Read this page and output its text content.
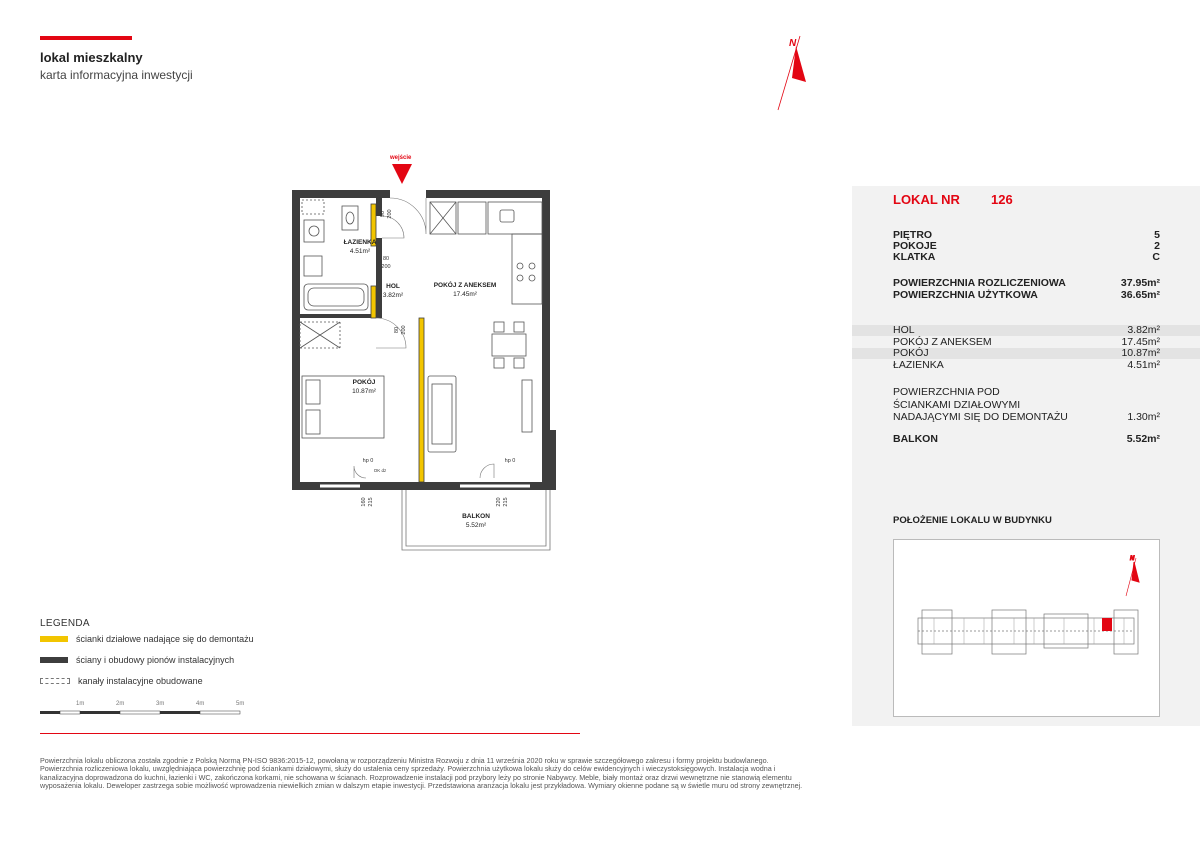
lokal mieszkalny
karta informacyjna inwestycji
N
wejście
ŁAZIENKA
4.51m²
HOL
3.82m²
POKÓJ Z ANEKSEM
17.45m²
POKÓJ
10.87m²
BALKON
5.52m²
90 200
80
200
80 200
160 215	220 215
hp 0	hp 0
OK dz
LOKAL NR 126
PIĘTRO	5
POKOJE	2
KLATKA	C
POWIERZCHNIA ROZLICZENIOWA	37.95m²
POWIERZCHNIA UŻYTKOWA	36.65m²
HOL	3.82m²
POKÓJ Z ANEKSEM	17.45m²
POKÓJ	10.87m²
ŁAZIENKA	4.51m²
POWIERZCHNIA POD
ŚCIANKAMI DZIAŁOWYMI
NADAJĄCYMI SIĘ DO DEMONTAŻU	1.30m²
BALKON	5.52m²
POŁOŻENIE LOKALU W BUDYNKU
N
LEGENDA
ścianki działowe nadające się do demontażu
ściany i obudowy pionów instalacyjnych
kanały instalacyjne obudowane
1m	2m	3m	4m	5m
Powierzchnia lokalu obliczona została zgodnie z Polską Normą PN-ISO 9836:2015-12, powołaną w rozporządzeniu Ministra Rozwoju z dnia 11 września 2020 roku w sprawie szczegółowego zakresu i formy projektu budowlanego. Powierzchnia rozliczeniowa lokalu, uwzględniająca powierzchnię pod ściankami działowymi, służy do ustalenia ceny sprzedaży. Powierzchnia użytkowa lokalu służy do celów ewidencyjnych i wieczystoksięgowych. Instalacja wodna i kanalizacyjna doprowadzona do kuchni, łazienki i WC, zakończona korkami, nie schowana w ścianach. Rozprowadzenie instalacji pod przybory leży po stronie Nabywcy. Meble, biały montaż oraz drzwi wewnętrzne nie stanowią elementu wyposażenia lokalu. Deweloper zastrzega sobie możliwość wprowadzenia niewielkich zmian w dalszym etapie inwestycji. Przedstawiona aranżacja lokalu jest przykładowa. Wymiary okienne podane są w świetle muru od strony zewnętrznej.
